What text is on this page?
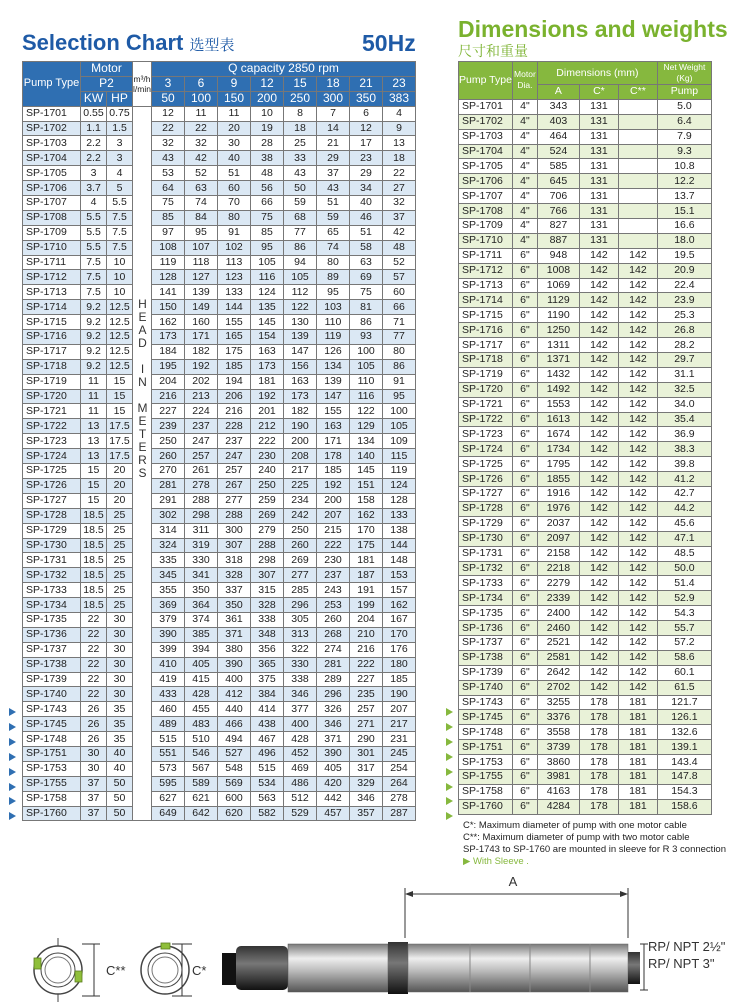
Selection Chart 选型表	50Hz
Dimensions and weights
尺寸和重量
Pump Type	Motor		m³/h
l/min	Q capacity 2850 rpm							
	P2			3	6	9	12	15	18	21	23
	KW	HP		50	100	150	200	250	300	350	383
SP-1701	0.55	0.75	HEAD IN METERS	12	11	11	10	8	7	6	4
SP-1702	1.1	1.5		22	22	20	19	18	14	12	9
SP-1703	2.2	3		32	32	30	28	25	21	17	13
SP-1704	2.2	3		43	42	40	38	33	29	23	18
SP-1705	3	4		53	52	51	48	43	37	29	22
SP-1706	3.7	5		64	63	60	56	50	43	34	27
SP-1707	4	5.5		75	74	70	66	59	51	40	32
SP-1708	5.5	7.5		85	84	80	75	68	59	46	37
SP-1709	5.5	7.5		97	95	91	85	77	65	51	42
SP-1710	5.5	7.5		108	107	102	95	86	74	58	48
SP-1711	7.5	10		119	118	113	105	94	80	63	52
SP-1712	7.5	10		128	127	123	116	105	89	69	57
SP-1713	7.5	10		141	139	133	124	112	95	75	60
SP-1714	9.2	12.5		150	149	144	135	122	103	81	66
SP-1715	9.2	12.5		162	160	155	145	130	110	86	71
SP-1716	9.2	12.5		173	171	165	154	139	119	93	77
SP-1717	9.2	12.5		184	182	175	163	147	126	100	80
SP-1718	9.2	12.5		195	192	185	173	156	134	105	86
SP-1719	11	15		204	202	194	181	163	139	110	91
SP-1720	11	15		216	213	206	192	173	147	116	95
SP-1721	11	15		227	224	216	201	182	155	122	100
SP-1722	13	17.5		239	237	228	212	190	163	129	105
SP-1723	13	17.5		250	247	237	222	200	171	134	109
SP-1724	13	17.5		260	257	247	230	208	178	140	115
SP-1725	15	20		270	261	257	240	217	185	145	119
SP-1726	15	20		281	278	267	250	225	192	151	124
SP-1727	15	20		291	288	277	259	234	200	158	128
SP-1728	18.5	25		302	298	288	269	242	207	162	133
SP-1729	18.5	25		314	311	300	279	250	215	170	138
SP-1730	18.5	25		324	319	307	288	260	222	175	144
SP-1731	18.5	25		335	330	318	298	269	230	181	148
SP-1732	18.5	25		345	341	328	307	277	237	187	153
SP-1733	18.5	25		355	350	337	315	285	243	191	157
SP-1734	18.5	25		369	364	350	328	296	253	199	162
SP-1735	22	30		379	374	361	338	305	260	204	167
SP-1736	22	30		390	385	371	348	313	268	210	170
SP-1737	22	30		399	394	380	356	322	274	216	176
SP-1738	22	30		410	405	390	365	330	281	222	180
SP-1739	22	30		419	415	400	375	338	289	227	185
SP-1740	22	30		433	428	412	384	346	296	235	190
SP-1743	26	35		460	455	440	414	377	326	257	207
SP-1745	26	35		489	483	466	438	400	346	271	217
SP-1748	26	35		515	510	494	467	428	371	290	231
SP-1751	30	40		551	546	527	496	452	390	301	245
SP-1753	30	40		573	567	548	515	469	405	317	254
SP-1755	37	50		595	589	569	534	486	420	329	264
SP-1758	37	50		627	621	600	563	512	442	346	278
SP-1760	37	50		649	642	620	582	529	457	357	287
Pump Type	Motor Dia.	Dimensions (mm)			Net Weight (Kg)
		A	C*	C**	Pump
SP-1701	4"	343	131		5.0
SP-1702	4"	403	131		6.4
SP-1703	4"	464	131		7.9
SP-1704	4"	524	131		9.3
SP-1705	4"	585	131		10.8
SP-1706	4"	645	131		12.2
SP-1707	4"	706	131		13.7
SP-1708	4"	766	131		15.1
SP-1709	4"	827	131		16.6
SP-1710	4"	887	131		18.0
SP-1711	6"	948	142	142	19.5
SP-1712	6"	1008	142	142	20.9
SP-1713	6"	1069	142	142	22.4
SP-1714	6"	1129	142	142	23.9
SP-1715	6"	1190	142	142	25.3
SP-1716	6"	1250	142	142	26.8
SP-1717	6"	1311	142	142	28.2
SP-1718	6"	1371	142	142	29.7
SP-1719	6"	1432	142	142	31.1
SP-1720	6"	1492	142	142	32.5
SP-1721	6"	1553	142	142	34.0
SP-1722	6"	1613	142	142	35.4
SP-1723	6"	1674	142	142	36.9
SP-1724	6"	1734	142	142	38.3
SP-1725	6"	1795	142	142	39.8
SP-1726	6"	1855	142	142	41.2
SP-1727	6"	1916	142	142	42.7
SP-1728	6"	1976	142	142	44.2
SP-1729	6"	2037	142	142	45.6
SP-1730	6"	2097	142	142	47.1
SP-1731	6"	2158	142	142	48.5
SP-1732	6"	2218	142	142	50.0
SP-1733	6"	2279	142	142	51.4
SP-1734	6"	2339	142	142	52.9
SP-1735	6"	2400	142	142	54.3
SP-1736	6"	2460	142	142	55.7
SP-1737	6"	2521	142	142	57.2
SP-1738	6"	2581	142	142	58.6
SP-1739	6"	2642	142	142	60.1
SP-1740	6"	2702	142	142	61.5
SP-1743	6"	3255	178	181	121.7
SP-1745	6"	3376	178	181	126.1
SP-1748	6"	3558	178	181	132.6
SP-1751	6"	3739	178	181	139.1
SP-1753	6"	3860	178	181	143.4
SP-1755	6"	3981	178	181	147.8
SP-1758	6"	4163	178	181	154.3
SP-1760	6"	4284	178	181	158.6
C*: Maximum diameter of pump with one motor cable
C**: Maximum diameter of pump with two motor cable
SP-1743 to SP-1760 are mounted in sleeve for R 3 connection
▶ With Sleeve .
A
C**	C*
RP/ NPT 2½"
RP/ NPT 3"
